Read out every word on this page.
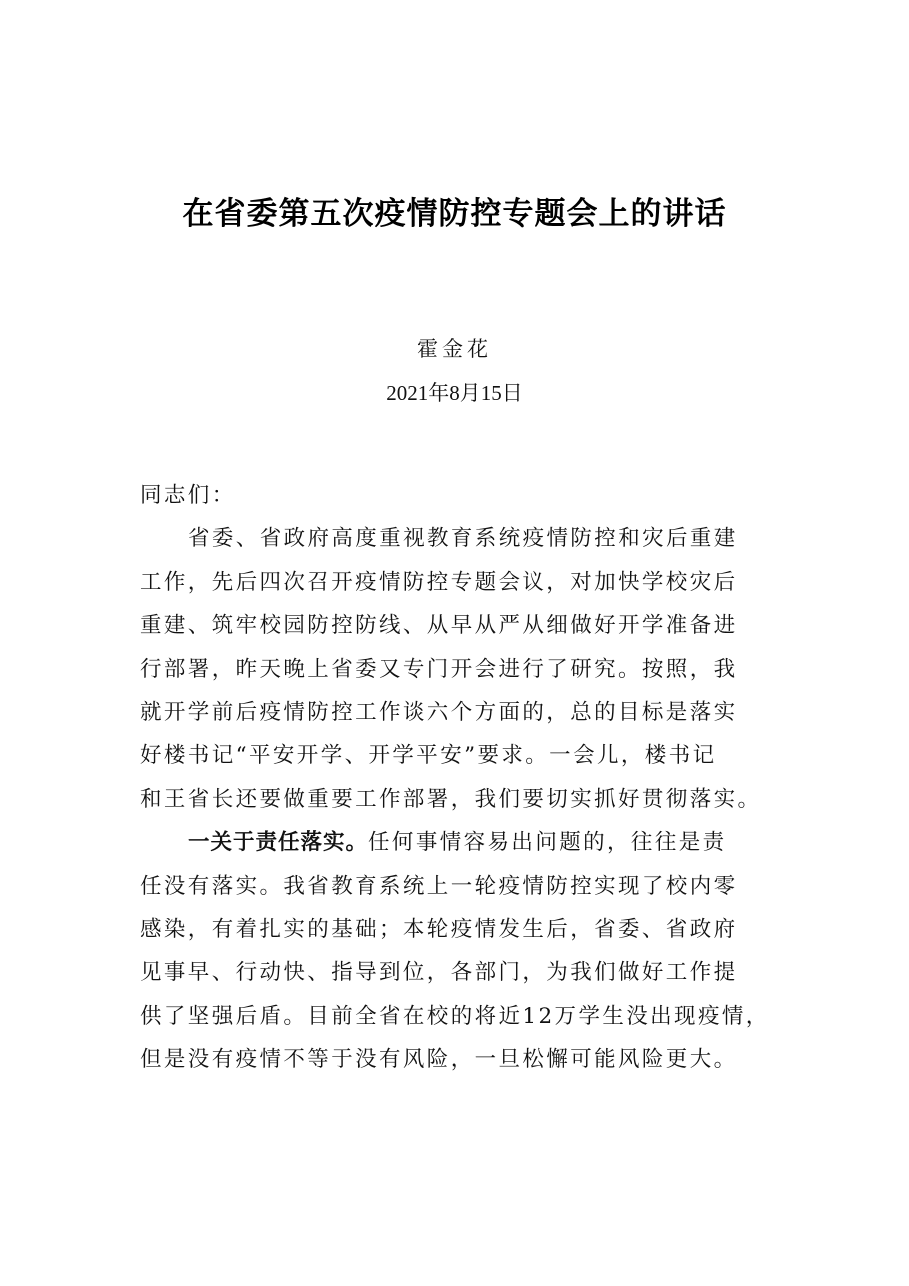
在省委第五次疫情防控专题会上的讲话
霍金花
2021年8月15日
同志们：
省委、省政府高度重视教育系统疫情防控和灾后重建
工作，先后四次召开疫情防控专题会议，对加快学校灾后
重建、筑牢校园防控防线、从早从严从细做好开学准备进
行部署，昨天晚上省委又专门开会进行了研究。按照，我
就开学前后疫情防控工作谈六个方面的，总的目标是落实
好楼书记“平安开学、开学平安”要求。一会儿，楼书记
和王省长还要做重要工作部署，我们要切实抓好贯彻落实。
一关于责任落实。任何事情容易出问题的，往往是责
任没有落实。我省教育系统上一轮疫情防控实现了校内零
感染，有着扎实的基础；本轮疫情发生后，省委、省政府
见事早、行动快、指导到位，各部门，为我们做好工作提
供了坚强后盾。目前全省在校的将近12万学生没出现疫情，
但是没有疫情不等于没有风险，一旦松懈可能风险更大。
